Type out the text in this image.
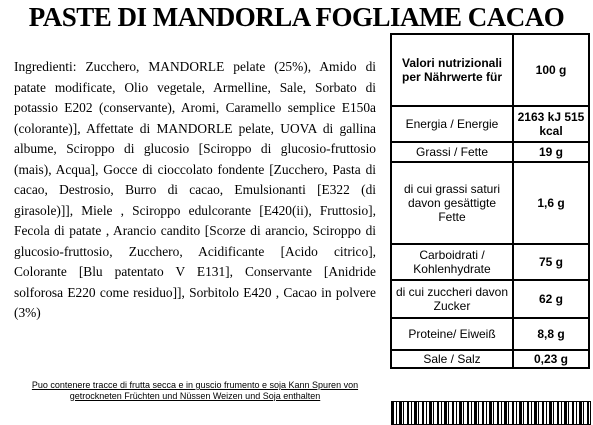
PASTE DI MANDORLA FOGLIAME CACAO
Ingredienti: Zucchero, MANDORLE pelate (25%), Amido di patate modificate, Olio vegetale, Armelline, Sale, Sorbato di potassio E202 (conservante), Aromi, Caramello semplice E150a (colorante)], Affettate di MANDORLE pelate, UOVA di gallina albume, Sciroppo di glucosio [Sciroppo di glucosio-fruttosio (mais), Acqua], Gocce di cioccolato fondente [Zucchero, Pasta di cacao, Destrosio, Burro di cacao, Emulsionanti [E322 (di girasole)]], Miele , Sciroppo edulcorante [E420(ii), Fruttosio], Fecola di patate , Arancio candito [Scorze di arancio, Sciroppo di glucosio-fruttosio, Zucchero, Acidificante [Acido citrico], Colorante [Blu patentato V E131], Conservante [Anidride solforosa E220 come residuo]], Sorbitolo E420 , Cacao in polvere (3%)
Valori nutrizionali per Nährwerte für	100 g
Energia / Energie	2163 kJ 515 kcal
Grassi / Fette	19 g
di cui grassi saturi davon gesättigte Fette	1,6 g
Carboidrati / Kohlenhydrate	75 g
di cui zuccheri davon Zucker	62 g
Proteine/ Eiweiß	8,8 g
Sale / Salz	0,23 g
Puo contenere tracce di frutta secca e in guscio frumento e soja Kann Spuren von getrockneten Früchten und Nüssen Weizen und Soja enthalten
